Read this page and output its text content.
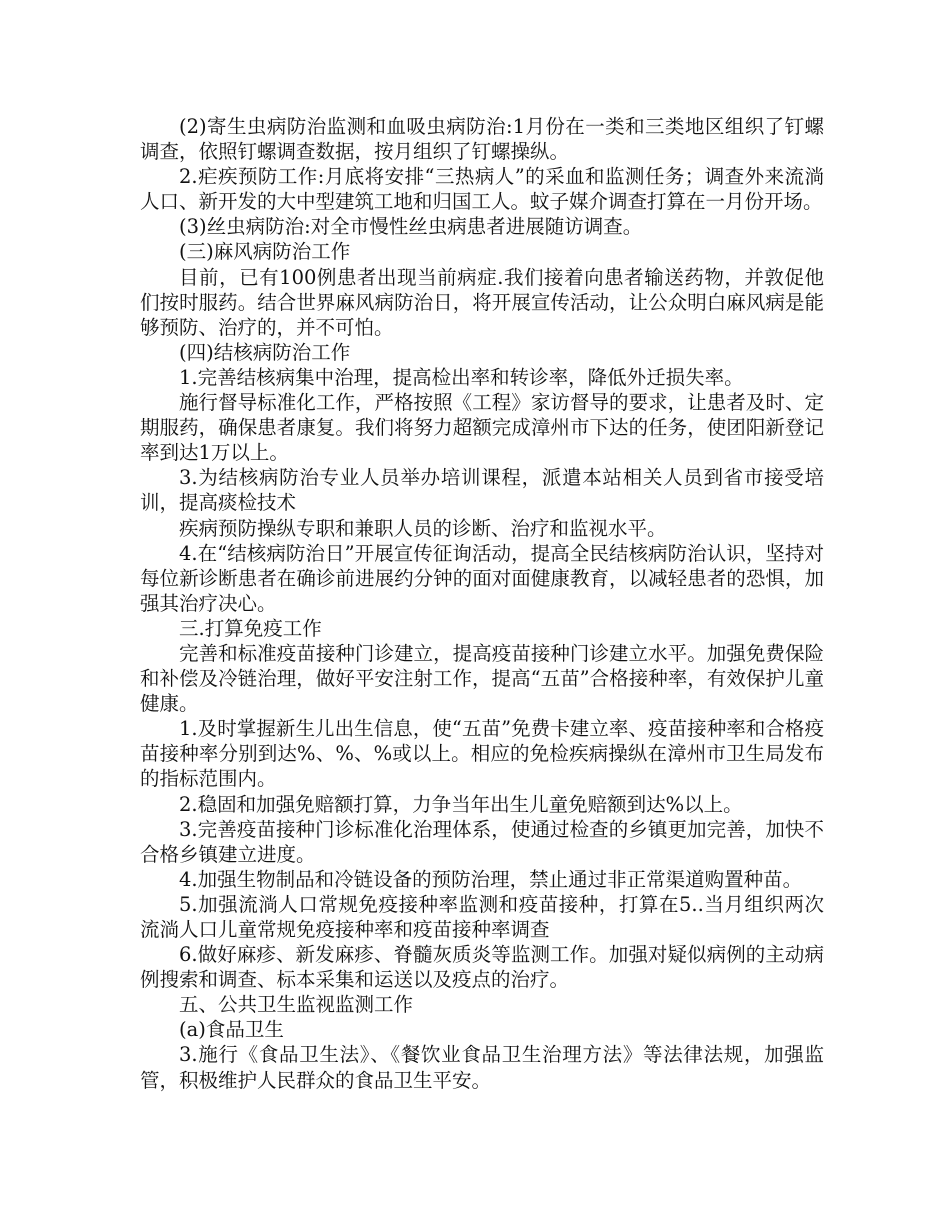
(2)寄生虫病防治监测和血吸虫病防治:1月份在一类和三类地区组织了钉螺调查，依照钉螺调查数据，按月组织了钉螺操纵。

2.疟疾预防工作:月底将安排“三热病人”的采血和监测任务；调查外来流淌人口、新开发的大中型建筑工地和归国工人。蚊子媒介调查打算在一月份开场。

(3)丝虫病防治:对全市慢性丝虫病患者进展随访调查。

(三)麻风病防治工作

目前，已有100例患者出现当前病症.我们接着向患者输送药物，并敦促他们按时服药。结合世界麻风病防治日，将开展宣传活动，让公众明白麻风病是能够预防、治疗的，并不可怕。

(四)结核病防治工作

1.完善结核病集中治理，提高检出率和转诊率，降低外迁损失率。

施行督导标准化工作，严格按照《工程》家访督导的要求，让患者及时、定期服药，确保患者康复。我们将努力超额完成漳州市下达的任务，使团阳新登记率到达1万以上。

3.为结核病防治专业人员举办培训课程，派遣本站相关人员到省市接受培训，提高痰检技术

疾病预防操纵专职和兼职人员的诊断、治疗和监视水平。

4.在“结核病防治日”开展宣传征询活动，提高全民结核病防治认识，坚持对每位新诊断患者在确诊前进展约分钟的面对面健康教育，以减轻患者的恐惧，加强其治疗决心。

三.打算免疫工作

完善和标准疫苗接种门诊建立，提高疫苗接种门诊建立水平。加强免费保险和补偿及冷链治理，做好平安注射工作，提高“五苗”合格接种率，有效保护儿童健康。

1.及时掌握新生儿出生信息，使“五苗”免费卡建立率、疫苗接种率和合格疫苗接种率分别到达%、%、%或以上。相应的免检疾病操纵在漳州市卫生局发布的指标范围内。

2.稳固和加强免赔额打算，力争当年出生儿童免赔额到达%以上。

3.完善疫苗接种门诊标准化治理体系，使通过检查的乡镇更加完善，加快不合格乡镇建立进度。

4.加强生物制品和冷链设备的预防治理，禁止通过非正常渠道购置种苗。

5.加强流淌人口常规免疫接种率监测和疫苗接种，打算在5..当月组织两次流淌人口儿童常规免疫接种率和疫苗接种率调查

6.做好麻疹、新发麻疹、脊髓灰质炎等监测工作。加强对疑似病例的主动病例搜索和调查、标本采集和运送以及疫点的治疗。

五、公共卫生监视监测工作

(a)食品卫生

3.施行《食品卫生法》、《餐饮业食品卫生治理方法》等法律法规，加强监管，积极维护人民群众的食品卫生平安。
